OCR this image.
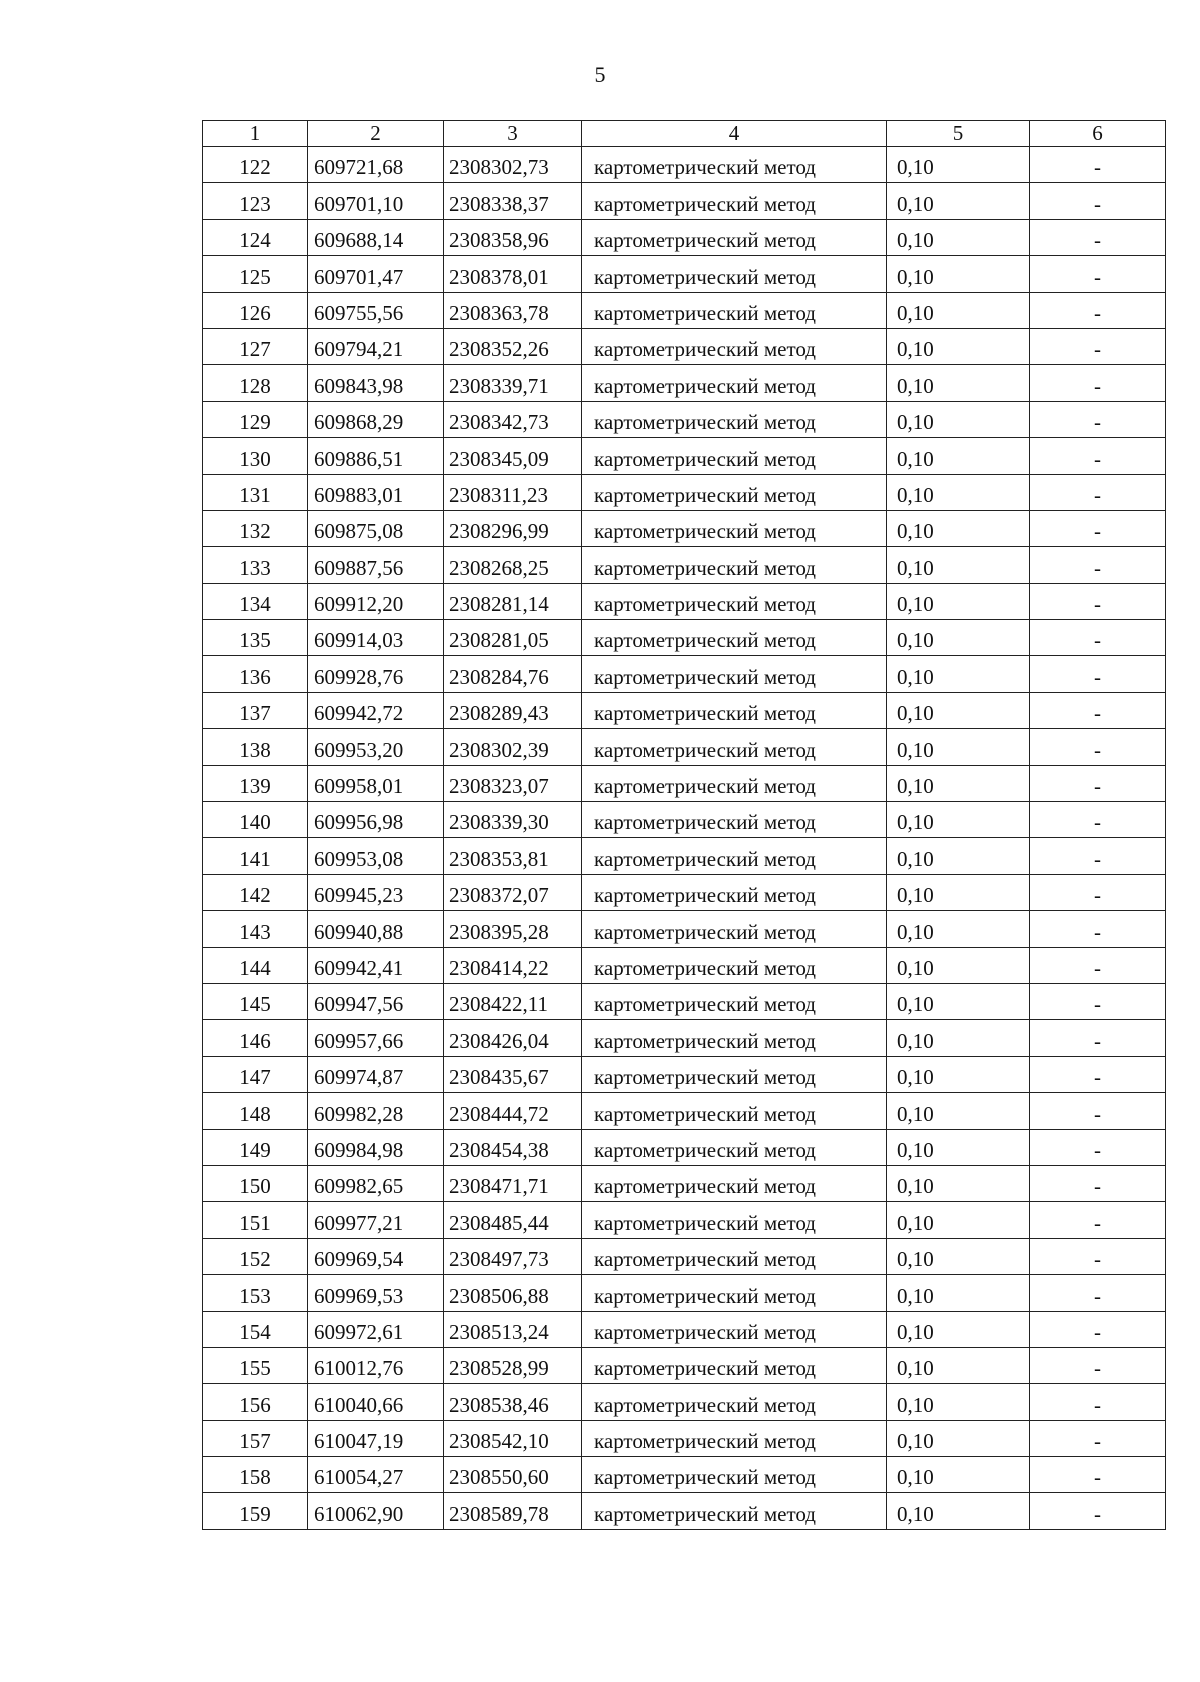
5
1	2	3	4	5	6
122	609721,68	2308302,73	картометрический метод	0,10	-
123	609701,10	2308338,37	картометрический метод	0,10	-
124	609688,14	2308358,96	картометрический метод	0,10	-
125	609701,47	2308378,01	картометрический метод	0,10	-
126	609755,56	2308363,78	картометрический метод	0,10	-
127	609794,21	2308352,26	картометрический метод	0,10	-
128	609843,98	2308339,71	картометрический метод	0,10	-
129	609868,29	2308342,73	картометрический метод	0,10	-
130	609886,51	2308345,09	картометрический метод	0,10	-
131	609883,01	2308311,23	картометрический метод	0,10	-
132	609875,08	2308296,99	картометрический метод	0,10	-
133	609887,56	2308268,25	картометрический метод	0,10	-
134	609912,20	2308281,14	картометрический метод	0,10	-
135	609914,03	2308281,05	картометрический метод	0,10	-
136	609928,76	2308284,76	картометрический метод	0,10	-
137	609942,72	2308289,43	картометрический метод	0,10	-
138	609953,20	2308302,39	картометрический метод	0,10	-
139	609958,01	2308323,07	картометрический метод	0,10	-
140	609956,98	2308339,30	картометрический метод	0,10	-
141	609953,08	2308353,81	картометрический метод	0,10	-
142	609945,23	2308372,07	картометрический метод	0,10	-
143	609940,88	2308395,28	картометрический метод	0,10	-
144	609942,41	2308414,22	картометрический метод	0,10	-
145	609947,56	2308422,11	картометрический метод	0,10	-
146	609957,66	2308426,04	картометрический метод	0,10	-
147	609974,87	2308435,67	картометрический метод	0,10	-
148	609982,28	2308444,72	картометрический метод	0,10	-
149	609984,98	2308454,38	картометрический метод	0,10	-
150	609982,65	2308471,71	картометрический метод	0,10	-
151	609977,21	2308485,44	картометрический метод	0,10	-
152	609969,54	2308497,73	картометрический метод	0,10	-
153	609969,53	2308506,88	картометрический метод	0,10	-
154	609972,61	2308513,24	картометрический метод	0,10	-
155	610012,76	2308528,99	картометрический метод	0,10	-
156	610040,66	2308538,46	картометрический метод	0,10	-
157	610047,19	2308542,10	картометрический метод	0,10	-
158	610054,27	2308550,60	картометрический метод	0,10	-
159	610062,90	2308589,78	картометрический метод	0,10	-
